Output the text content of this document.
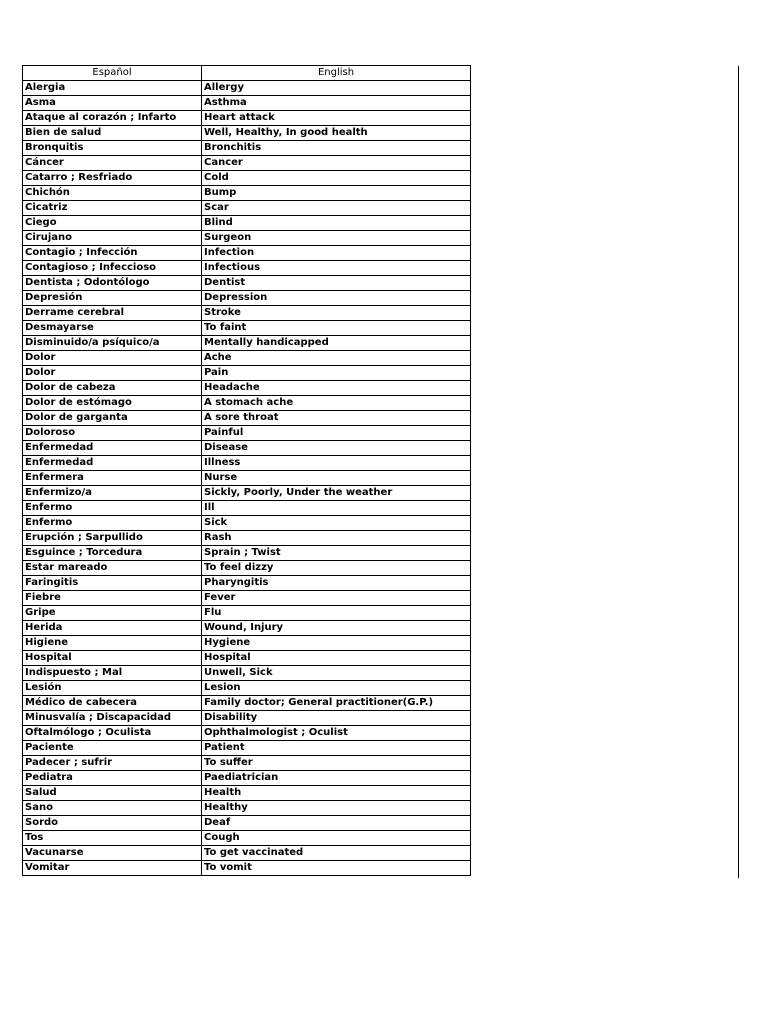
Español	English
Alergia	Allergy
Asma	Asthma
Ataque al corazón ; Infarto	Heart attack
Bien de salud	Well, Healthy, In good health
Bronquitis	Bronchitis
Cáncer	Cancer
Catarro ; Resfriado	Cold
Chichón	Bump
Cicatriz	Scar
Ciego	Blind
Cirujano	Surgeon
Contagio ; Infección	Infection
Contagioso ; Infeccioso	Infectious
Dentista ; Odontólogo	Dentist
Depresión	Depression
Derrame cerebral	Stroke
Desmayarse	To faint
Disminuido/a psíquico/a	Mentally handicapped
Dolor	Ache
Dolor	Pain
Dolor de cabeza	Headache
Dolor de estómago	A stomach ache
Dolor de garganta	A sore throat
Doloroso	Painful
Enfermedad	Disease
Enfermedad	Illness
Enfermera	Nurse
Enfermizo/a	Sickly, Poorly, Under the weather
Enfermo	Ill
Enfermo	Sick
Erupción ; Sarpullido	Rash
Esguince ; Torcedura	Sprain ; Twist
Estar mareado	To feel dizzy
Faringitis	Pharyngitis
Fiebre	Fever
Gripe	Flu
Herida	Wound, Injury
Higiene	Hygiene
Hospital	Hospital
Indispuesto ; Mal	Unwell, Sick
Lesión	Lesion
Médico de cabecera	Family doctor; General practitioner(G.P.)
Minusvalía ; Discapacidad	Disability
Oftalmólogo ; Oculista	Ophthalmologist ; Oculist
Paciente	Patient
Padecer ; sufrir	To suffer
Pediatra	Paediatrician
Salud	Health
Sano	Healthy
Sordo	Deaf
Tos	Cough
Vacunarse	To get vaccinated
Vomitar	To vomit
